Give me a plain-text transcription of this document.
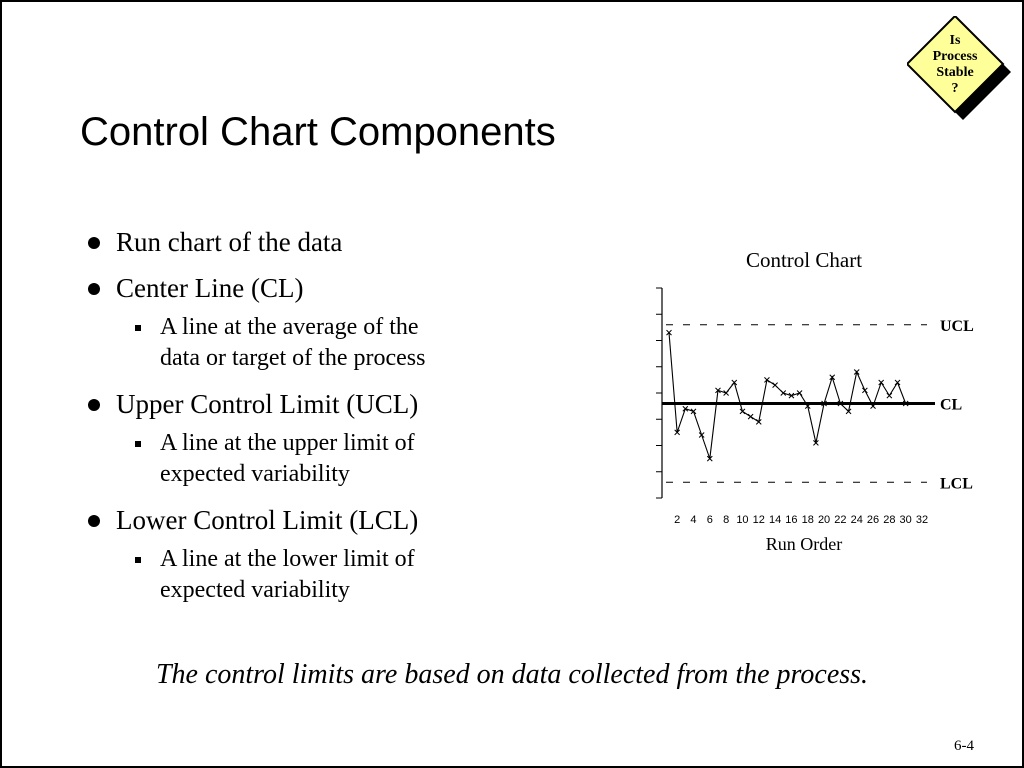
Control Chart Components
Is
Process
Stable
?
Run chart of the data
Center Line (CL)
A line at the average of the
data or target of the process
Upper Control Limit (UCL)
A line at the upper limit of
expected variability
Lower Control Limit (LCL)
A line at the lower limit of
expected variability
Control Chart
Run Order
2 4 6 8 10 12 14 16 18 20 22 24 26 28 30 32
UCL
CL
LCL
The control limits are based on data collected from the process.
6-4
